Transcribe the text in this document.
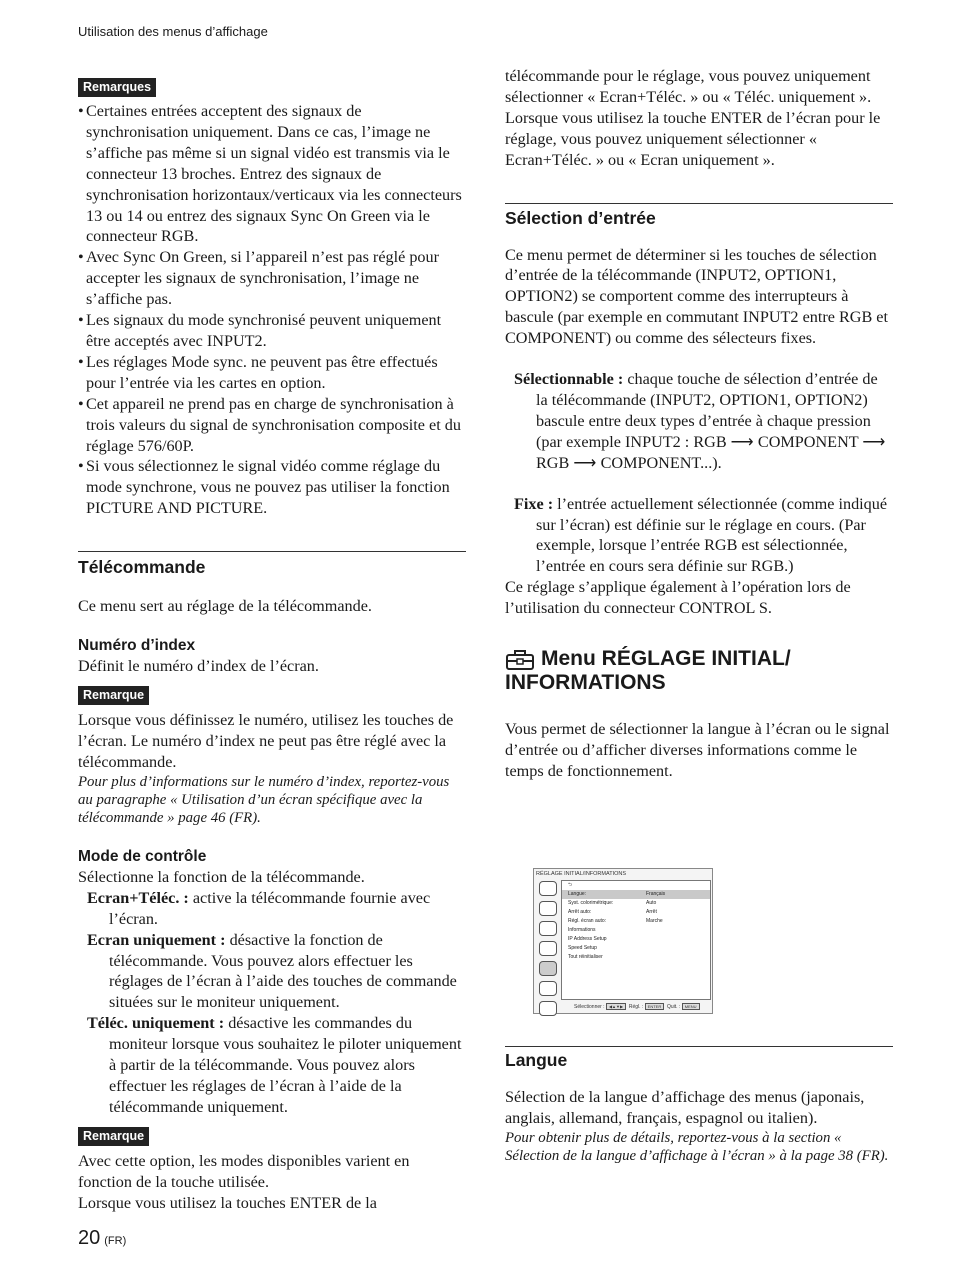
Utilisation des menus d’affichage
Remarques
• Certaines entrées acceptent des signaux de synchronisation uniquement. Dans ce cas, l’image ne s’affiche pas même si un signal vidéo est transmis via le connecteur 13 broches. Entrez des signaux de synchronisation horizontaux/verticaux via les connecteurs 13 ou 14 ou entrez des signaux Sync On Green via le connecteur RGB.
• Avec Sync On Green, si l’appareil n’est pas réglé pour accepter les signaux de synchronisation, l’image ne s’affiche pas.
• Les signaux du mode synchronisé peuvent uniquement être acceptés avec INPUT2.
• Les réglages Mode sync. ne peuvent pas être effectués pour l’entrée via les cartes en option.
• Cet appareil ne prend pas en charge de synchronisation à trois valeurs du signal de synchronisation composite et du réglage 576/60P.
• Si vous sélectionnez le signal vidéo comme réglage du mode synchrone, vous ne pouvez pas utiliser la fonction PICTURE AND PICTURE.
Télécommande

Ce menu sert au réglage de la télécommande.

Numéro d’index

Définit le numéro d’index de l’écran.

Remarque

Lorsque vous définissez le numéro, utilisez les touches de l’écran. Le numéro d’index ne peut pas être réglé avec la télécommande.

Pour plus d’informations sur le numéro d’index, reportez-vous au paragraphe « Utilisation d’un écran spécifique avec la télécommande » page 46 (FR).

Mode de contrôle

Sélectionne la fonction de la télécommande.

Ecran+Téléc. : active la télécommande fournie avec l’écran.

Ecran uniquement : désactive la fonction de télécommande. Vous pouvez alors effectuer les réglages de l’écran à l’aide des touches de commande situées sur le moniteur uniquement.

Téléc. uniquement : désactive les commandes du moniteur lorsque vous souhaitez le piloter uniquement à partir de la télécommande. Vous pouvez alors effectuer les réglages de l’écran à l’aide de la télécommande uniquement.

Remarque

Avec cette option, les modes disponibles varient en fonction de la touche utilisée.

Lorsque vous utilisez la touches ENTER de la

télécommande pour le réglage, vous pouvez uniquement sélectionner « Ecran+Téléc. » ou « Téléc. uniquement ».

Lorsque vous utilisez la touche ENTER de l’écran pour le réglage, vous pouvez uniquement sélectionner « Ecran+Téléc. » ou « Ecran uniquement ».

Sélection d’entrée

Ce menu permet de déterminer si les touches de sélection d’entrée de la télécommande (INPUT2, OPTION1, OPTION2) se comportent comme des interrupteurs à bascule (par exemple en commutant INPUT2 entre RGB et COMPONENT) ou comme des sélecteurs fixes.

Sélectionnable : chaque touche de sélection d’entrée de la télécommande (INPUT2, OPTION1, OPTION2) bascule entre deux types d’entrée à chaque pression (par exemple INPUT2 : RGB ⟶ COMPONENT ⟶ RGB ⟶ COMPONENT...).

Fixe : l’entrée actuellement sélectionnée (comme indiqué sur l’écran) est définie sur le réglage en cours. (Par exemple, lorsque l’entrée RGB est sélectionnée, l’entrée en cours sera définie sur RGB.)

Ce réglage s’applique également à l’opération lors de l’utilisation du connecteur CONTROL S.

Menu RÉGLAGE INITIAL/
INFORMATIONS

Vous permet de sélectionner la langue à l’écran ou le signal d’entrée ou d’afficher diverses informations comme le temps de fonctionnement.

RÉGLAGE INITIAL/INFORMATIONS
⮌
Langue:	Français
Syst. colorimétrique:	Auto
Arrêt auto:	Arrêt
Régl. écran auto:	Marche
Informations
IP Address Setup
Speed Setup
Tout réinitialiser
Sélectionner : ◀▲▼▶ Régl. : ENTER Quit. : MENU
Langue

Sélection de la langue d’affichage des menus (japonais, anglais, allemand, français, espagnol ou italien).

Pour obtenir plus de détails, reportez-vous à la section « Sélection de la langue d’affichage à l’écran » à la page 38 (FR).

20 (FR)
